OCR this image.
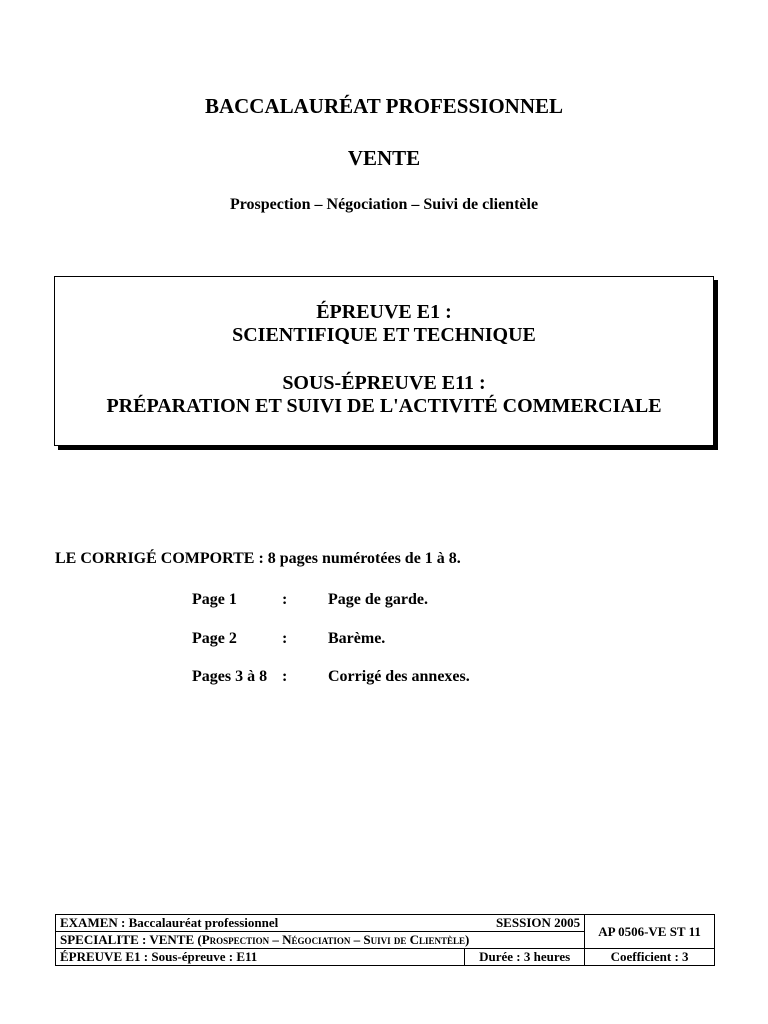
BACCALAURÉAT PROFESSIONNEL
VENTE
Prospection – Négociation – Suivi de clientèle
ÉPREUVE E1 :
SCIENTIFIQUE ET TECHNIQUE
SOUS-ÉPREUVE E11 :
PRÉPARATION ET SUIVI DE L'ACTIVITÉ COMMERCIALE
LE CORRIGÉ COMPORTE : 8 pages numérotées de 1 à 8.
Page 1	:	Page de garde.
Page 2	:	Barème.
Pages 3 à 8 :	Corrigé des annexes.
EXAMEN : Baccalauréat professionnel SESSION 2005		AP 0506-VE ST 11
SPECIALITE : VENTE (Prospection – Négociation – Suivi de Clientèle)		
ÉPREUVE E1 : Sous-épreuve : E11	Durée : 3 heures	Coefficient : 3
